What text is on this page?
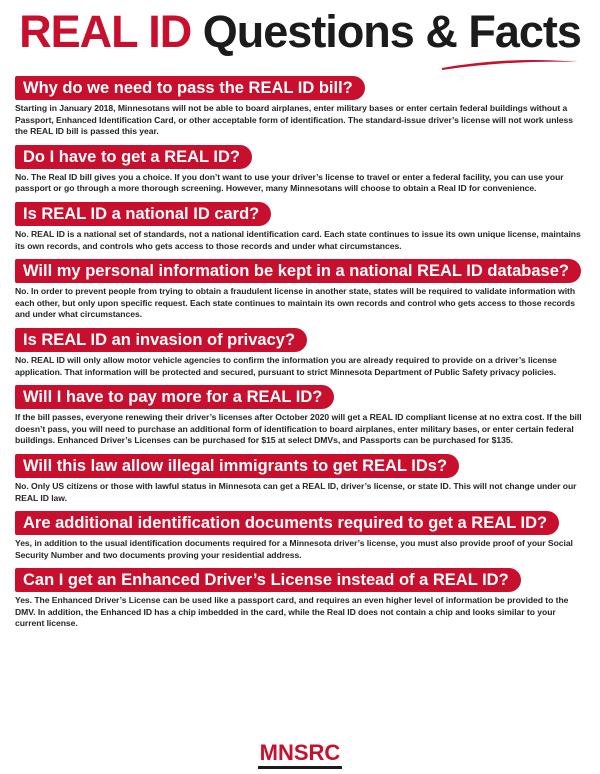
REAL ID Questions & Facts
Why do we need to pass the REAL ID bill?
Starting in January 2018, Minnesotans will not be able to board airplanes, enter military bases or enter certain federal buildings without a Passport, Enhanced Identification Card, or other acceptable form of identification. The standard-issue driver’s license will not work unless the REAL ID bill is passed this year.
Do I have to get a REAL ID?
No. The Real ID bill gives you a choice. If you don’t want to use your driver’s license to travel or enter a federal facility, you can use your passport or go through a more thorough screening. However, many Minnesotans will choose to obtain a Real ID for convenience.
Is REAL ID a national ID card?
No. REAL ID is a national set of standards, not a national identification card. Each state continues to issue its own unique license, maintains its own records, and controls who gets access to those records and under what circumstances.
Will my personal information be kept in a national REAL ID database?
No. In order to prevent people from trying to obtain a fraudulent license in another state, states will be required to validate information with each other, but only upon specific request. Each state continues to maintain its own records and control who gets access to those records and under what circumstances.
Is REAL ID an invasion of privacy?
No. REAL ID will only allow motor vehicle agencies to confirm the information you are already required to provide on a driver’s license application. That information will be protected and secured, pursuant to strict Minnesota Department of Public Safety privacy policies.
Will I have to pay more for a REAL ID?
If the bill passes, everyone renewing their driver’s licenses after October 2020 will get a REAL ID compliant license at no extra cost. If the bill doesn’t pass, you will need to purchase an additional form of identification to board airplanes, enter military bases, or enter certain federal buildings. Enhanced Driver’s Licenses can be purchased for $15 at select DMVs, and Passports can be purchased for $135.
Will this law allow illegal immigrants to get REAL IDs?
No. Only US citizens or those with lawful status in Minnesota can get a REAL ID, driver’s license, or state ID. This will not change under our REAL ID law.
Are additional identification documents required to get a REAL ID?
Yes, in addition to the usual identification documents required for a Minnesota driver’s license, you must also provide proof of your Social Security Number and two documents proving your residential address.
Can I get an Enhanced Driver’s License instead of a REAL ID?
Yes. The Enhanced Driver’s License can be used like a passport card, and requires an even higher level of information be provided to the DMV. In addition, the Enhanced ID has a chip imbedded in the card, while the Real ID does not contain a chip and looks similar to your current license.
MNSRC
